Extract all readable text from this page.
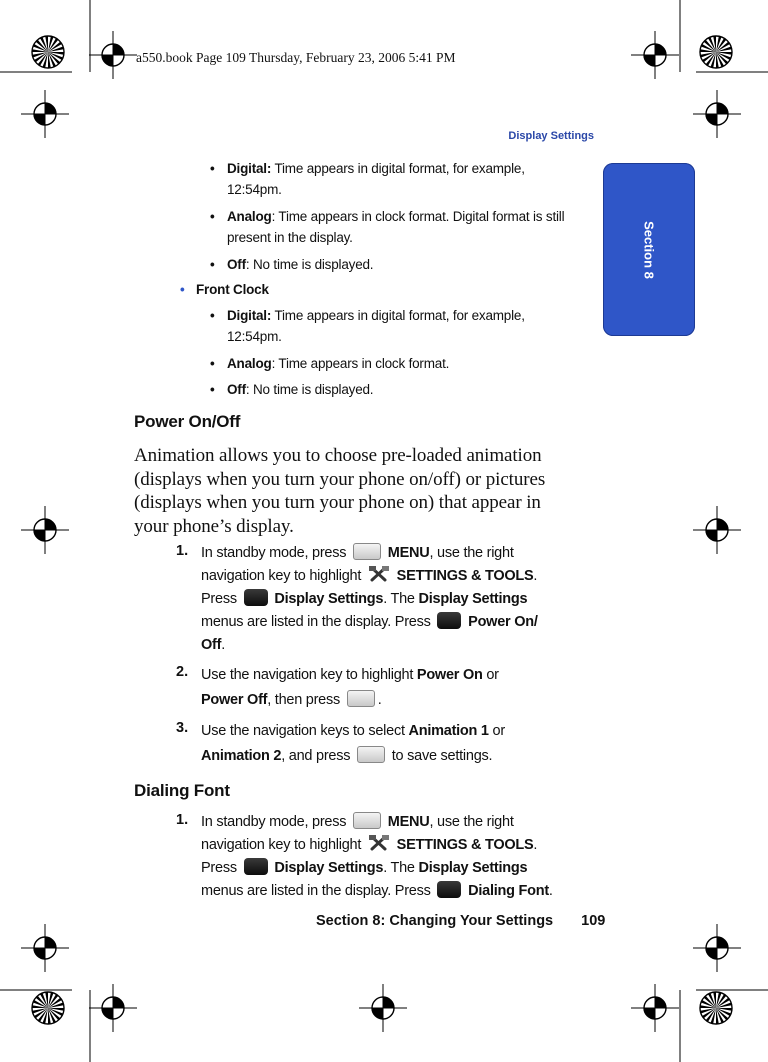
a550.book Page 109 Thursday, February 23, 2006 5:41 PM
Display Settings
Section 8
• Digital: Time appears in digital format, for example,
12:54pm.
• Analog: Time appears in clock format. Digital format is still
present in the display.
• Off: No time is displayed.
• Front Clock
• Digital: Time appears in digital format, for example,
12:54pm.
• Analog: Time appears in clock format.
• Off: No time is displayed.
Power On/Off
Animation allows you to choose pre-loaded animation
(displays when you turn your phone on/off) or pictures
(displays when you turn your phone on) that appear in
your phone’s display.
1. In standby mode, press  MENU, use the right
navigation key to highlight  SETTINGS & TOOLS.
Press  Display Settings. The Display Settings
menus are listed in the display. Press  Power On/
Off.
2. Use the navigation key to highlight Power On or
Power Off, then press .
3. Use the navigation keys to select Animation 1 or
Animation 2, and press  to save settings.
Dialing Font
1. In standby mode, press  MENU, use the right
navigation key to highlight  SETTINGS & TOOLS.
Press  Display Settings. The Display Settings
menus are listed in the display. Press  Dialing Font.
Section 8: Changing Your Settings 109
